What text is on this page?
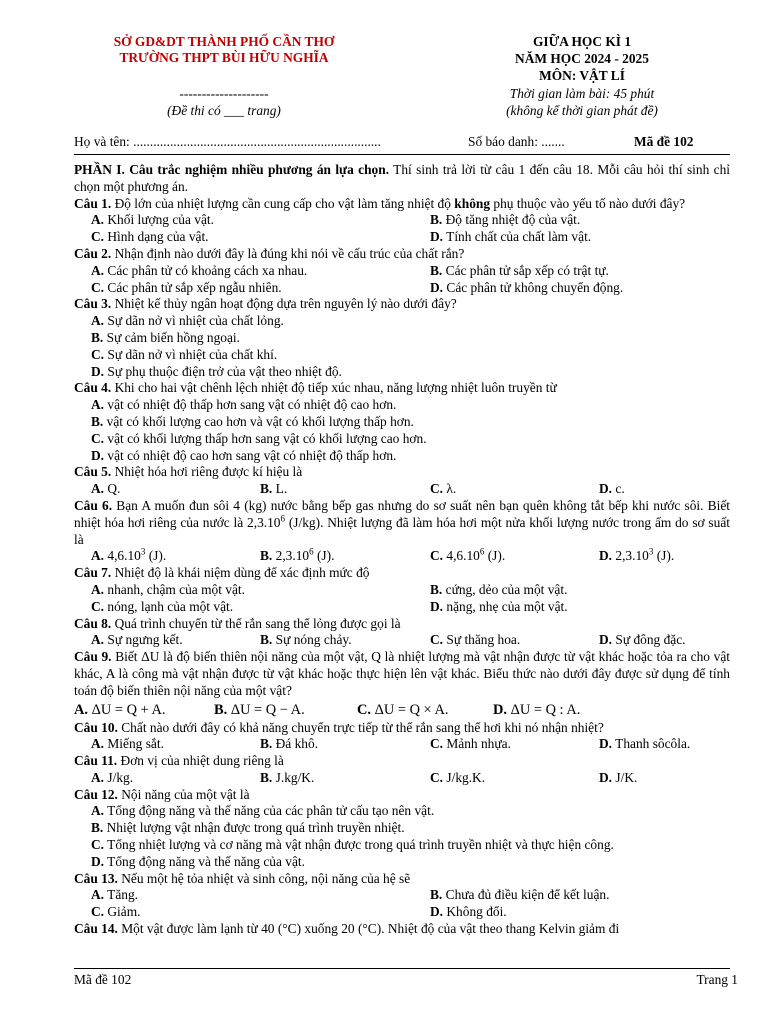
SỞ GD&DT THÀNH PHỐ CẦN THƠ
TRƯỜNG THPT BÙI HỮU NGHĨA
--------------------
(Đề thi có ___ trang)
GIỮA HỌC KÌ 1
NĂM HỌC 2024 - 2025
MÔN: VẬT LÍ
Thời gian làm bài: 45 phút
(không kể thời gian phát đề)
Họ và tên: ..........................................................................	Số báo danh: .......	Mã đề 102

PHẦN I. Câu trắc nghiệm nhiều phương án lựa chọn. Thí sinh trả lời từ câu 1 đến câu 18. Mỗi câu hỏi thí sinh chỉ chọn một phương án.

Câu 1. Độ lớn của nhiệt lượng cần cung cấp cho vật làm tăng nhiệt độ không phụ thuộc vào yếu tố nào dưới đây?

A. Khối lượng của vật.	B. Độ tăng nhiệt độ của vật.
C. Hình dạng của vật.	D. Tính chất của chất làm vật.

Câu 2. Nhận định nào dưới đây là đúng khi nói về cấu trúc của chất rắn?

A. Các phân tử có khoảng cách xa nhau.	B. Các phân tử sắp xếp có trật tự.
C. Các phân tử sắp xếp ngẫu nhiên.	D. Các phân tử không chuyển động.

Câu 3. Nhiệt kế thủy ngân hoạt động dựa trên nguyên lý nào dưới đây?

A. Sự dãn nở vì nhiệt của chất lỏng.
B. Sự cảm biến hồng ngoại.
C. Sự dãn nở vì nhiệt của chất khí.
D. Sự phụ thuộc điện trở của vật theo nhiệt độ.

Câu 4. Khi cho hai vật chênh lệch nhiệt độ tiếp xúc nhau, năng lượng nhiệt luôn truyền từ

A. vật có nhiệt độ thấp hơn sang vật có nhiệt độ cao hơn.
B. vật có khối lượng cao hơn và vật có khối lượng thấp hơn.
C. vật có khối lượng thấp hơn sang vật có khối lượng cao hơn.
D. vật có nhiệt độ cao hơn sang vật có nhiệt độ thấp hơn.

Câu 5. Nhiệt hóa hơi riêng được kí hiệu là

A. Q.	B. L.	C. λ.	D. c.

Câu 6. Bạn A muốn đun sôi 4 (kg) nước bằng bếp gas nhưng do sơ suất nên bạn quên không tắt bếp khi nước sôi. Biết nhiệt hóa hơi riêng của nước là 2,3.10$^6$ (J/kg). Nhiệt lượng đã làm hóa hơi một nửa khối lượng nước trong ấm do sơ suất là

A. 4,6.10$^3$ (J).	B. 2,3.10$^6$ (J).	C. 4,6.10$^6$ (J).	D. 2,3.10$^3$ (J).

Câu 7. Nhiệt độ là khái niệm dùng để xác định mức độ

A. nhanh, chậm của một vật.	B. cứng, dẻo của một vật.
C. nóng, lạnh của một vật.	D. nặng, nhẹ của một vật.

Câu 8. Quá trình chuyển từ thể rắn sang thể lỏng được gọi là

A. Sự ngưng kết.	B. Sự nóng chảy.	C. Sự thăng hoa.	D. Sự đông đặc.

Câu 9. Biết ΔU là độ biến thiên nội năng của một vật, Q là nhiệt lượng mà vật nhận được từ vật khác hoặc tỏa ra cho vật khác, A là công mà vật nhận được từ vật khác hoặc thực hiện lên vật khác. Biểu thức nào dưới đây được sử dụng để tính toán độ biến thiên nội năng của một vật?

A. ΔU = Q + A.	B. ΔU = Q − A.	C. ΔU = Q × A.	D. ΔU = Q : A.

Câu 10. Chất nào dưới đây có khả năng chuyển trực tiếp từ thể rắn sang thể hơi khi nó nhận nhiệt?

A. Miếng sắt.	B. Đá khô.	C. Mảnh nhựa.	D. Thanh sôcôla.

Câu 11. Đơn vị của nhiệt dung riêng là

A. J/kg.	B. J.kg/K.	C. J/kg.K.	D. J/K.

Câu 12. Nội năng của một vật là

A. Tổng động năng và thế năng của các phân tử cấu tạo nên vật.
B. Nhiệt lượng vật nhận được trong quá trình truyền nhiệt.
C. Tổng nhiệt lượng và cơ năng mà vật nhận được trong quá trình truyền nhiệt và thực hiện công.
D. Tổng động năng và thế năng của vật.

Câu 13. Nếu một hệ tỏa nhiệt và sinh công, nội năng của hệ sẽ

A. Tăng.	B. Chưa đủ điều kiện để kết luận.
C. Giảm.	D. Không đổi.

Câu 14. Một vật được làm lạnh từ 40 (°C) xuống 20 (°C). Nhiệt độ của vật theo thang Kelvin giảm đi

Mã đề 102	Trang 1
